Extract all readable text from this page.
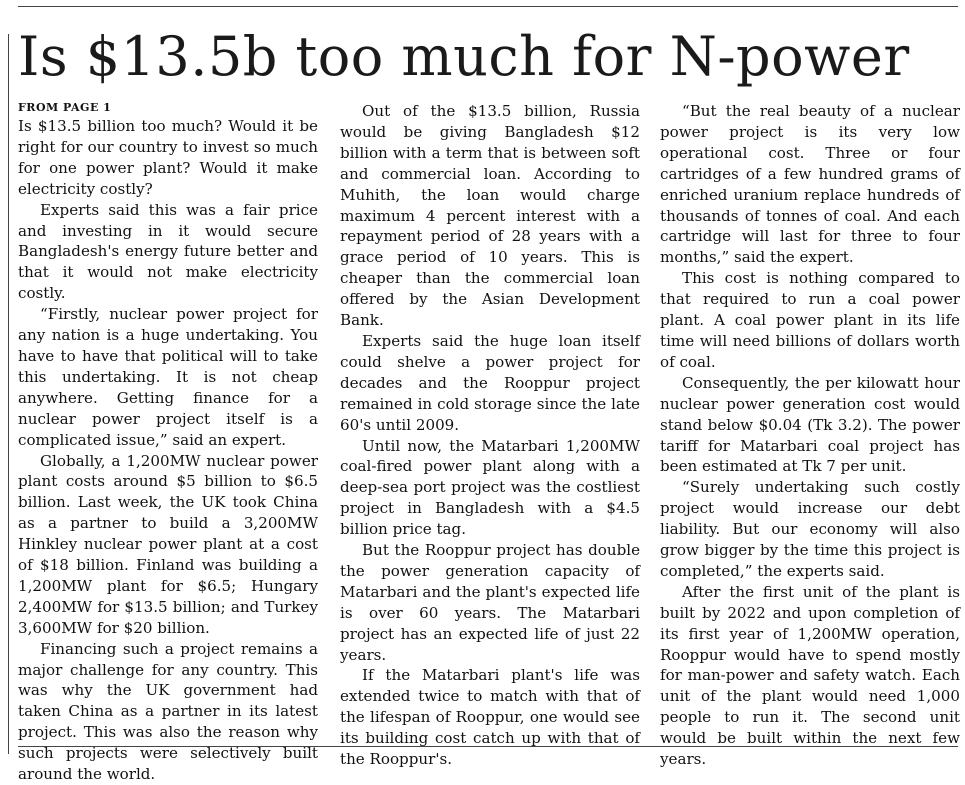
Is $13.5b too much for N-power
FROM PAGE 1

Is $13.5 billion too much? Would it be right for our country to invest so much for one power plant? Would it make electricity costly?

Experts said this was a fair price and investing in it would secure Bangladesh's energy future better and that it would not make electricity costly.

“Firstly, nuclear power project for any nation is a huge undertaking. You have to have that political will to take this undertaking. It is not cheap anywhere. Getting finance for a nuclear power project itself is a complicated issue,” said an expert.

Globally, a 1,200MW nuclear power plant costs around $5 billion to $6.5 billion. Last week, the UK took China as a partner to build a 3,200MW Hinkley nuclear power plant at a cost of $18 billion. Finland was building a 1,200MW plant for $6.5; Hungary 2,400MW for $13.5 billion; and Turkey 3,600MW for $20 billion.

Financing such a project remains a major challenge for any country. This was why the UK government had taken China as a partner in its latest project. This was also the reason why such projects were selectively built around the world.

Out of the $13.5 billion, Russia would be giving Bangladesh $12 billion with a term that is between soft and commercial loan. According to Muhith, the loan would charge maximum 4 percent interest with a repayment period of 28 years with a grace period of 10 years. This is cheaper than the commercial loan offered by the Asian Development Bank.

Experts said the huge loan itself could shelve a power project for decades and the Rooppur project remained in cold storage since the late 60's until 2009.

Until now, the Matarbari 1,200MW coal-fired power plant along with a deep-sea port project was the costliest project in Bangladesh with a $4.5 billion price tag.

But the Rooppur project has double the power generation capacity of Matarbari and the plant's expected life is over 60 years. The Matarbari project has an expected life of just 22 years.

If the Matarbari plant's life was extended twice to match with that of the lifespan of Rooppur, one would see its building cost catch up with that of the Rooppur's.

“But the real beauty of a nuclear power project is its very low operational cost. Three or four cartridges of a few hundred grams of enriched uranium replace hundreds of thousands of tonnes of coal. And each cartridge will last for three to four months,” said the expert.

This cost is nothing compared to that required to run a coal power plant. A coal power plant in its life time will need billions of dollars worth of coal.

Consequently, the per kilowatt hour nuclear power generation cost would stand below $0.04 (Tk 3.2). The power tariff for Matarbari coal project has been estimated at Tk 7 per unit.

“Surely undertaking such costly project would increase our debt liability. But our economy will also grow bigger by the time this project is completed,” the experts said.

After the first unit of the plant is built by 2022 and upon completion of its first year of 1,200MW operation, Rooppur would have to spend mostly for man-power and safety watch. Each unit of the plant would need 1,000 people to run it. The second unit would be built within the next few years.
